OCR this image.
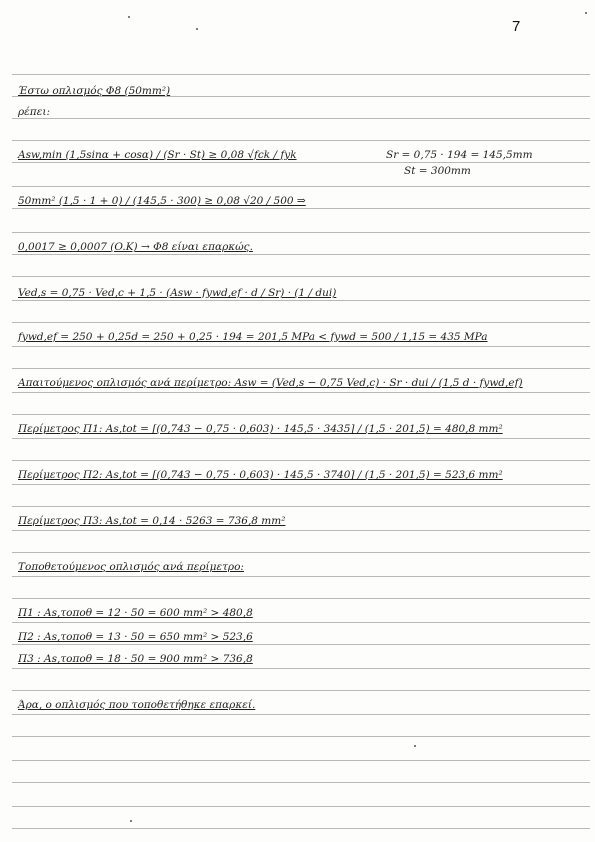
7
Έστω οπλισμός Φ8 (50mm²)
ρέπει:
Asw,min (1,5sinα + cosα) / (Sr · St) ≥ 0,08 √fck / fyk	Sr = 0,75 · 194 = 145,5mm
St = 300mm
50mm² (1,5 · 1 + 0) / (145,5 · 300) ≥ 0,08 √20 / 500 ⇒
0,0017 ≥ 0,0007 (O.K) → Φ8 είναι επαρκώς.
Ved,s = 0,75 · Ved,c + 1,5 · (Asw · fywd,ef · d / Sr) · (1 / dui)
fywd,ef = 250 + 0,25d = 250 + 0,25 · 194 = 201,5 MPa < fywd = 500 / 1,15 = 435 MPa
Απαιτούμενος οπλισμός ανά περίμετρο: Asw = (Ved,s − 0,75 Ved,c) · Sr · dui / (1,5 d · fywd,ef)
Περίμετρος Π1: As,tot = [(0,743 − 0,75 · 0,603) · 145,5 · 3435] / (1,5 · 201,5) = 480,8 mm²
Περίμετρος Π2: As,tot = [(0,743 − 0,75 · 0,603) · 145,5 · 3740] / (1,5 · 201,5) = 523,6 mm²
Περίμετρος Π3: As,tot = 0,14 · 5263 = 736,8 mm²
Τοποθετούμενος οπλισμός ανά περίμετρο:
Π1 : As,τοποθ = 12 · 50 = 600 mm² > 480,8
Π2 : As,τοποθ = 13 · 50 = 650 mm² > 523,6
Π3 : As,τοποθ = 18 · 50 = 900 mm² > 736,8
Άρα, ο οπλισμός που τοποθετήθηκε επαρκεί.
